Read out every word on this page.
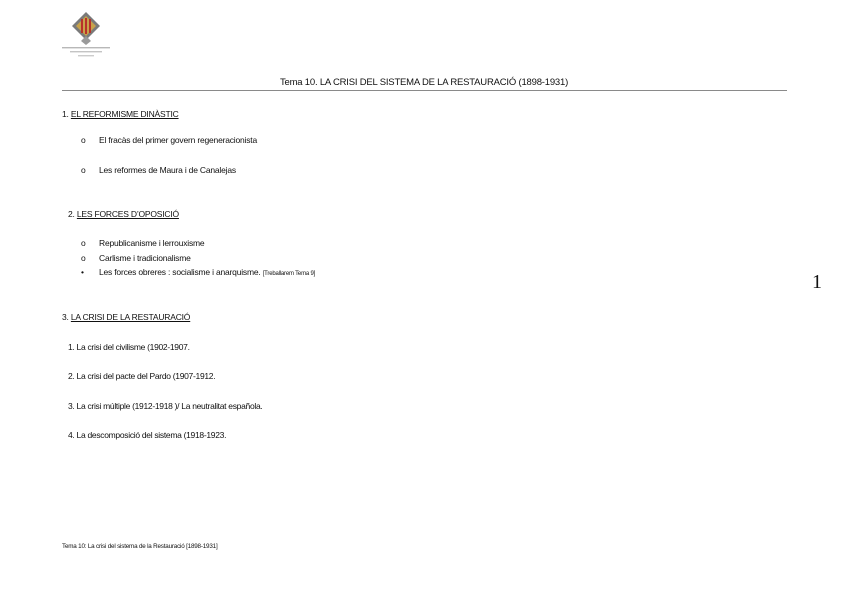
Tema 10. LA CRISI DEL SISTEMA DE LA RESTAURACIÓ (1898-1931)
1. EL REFORMISME DINÀSTIC
o El fracàs del primer govern regeneracionista
o Les reformes de Maura i de Canalejas
2. LES FORCES D’OPOSICIÓ
o Republicanisme i lerrouxisme
o Carlisme i tradicionalisme
• Les forces obreres : socialisme i anarquisme. [Treballarem Tema 9]	1
3. LA CRISI DE LA RESTAURACIÓ
1. La crisi del civilisme (1902-1907.
2. La crisi del pacte del Pardo (1907-1912.
3. La crisi múltiple (1912-1918 )/ La neutralitat española.
4. La descomposició del sistema (1918-1923.
Tema 10: La crisi del sistema de la Restauració [1898-1931]
